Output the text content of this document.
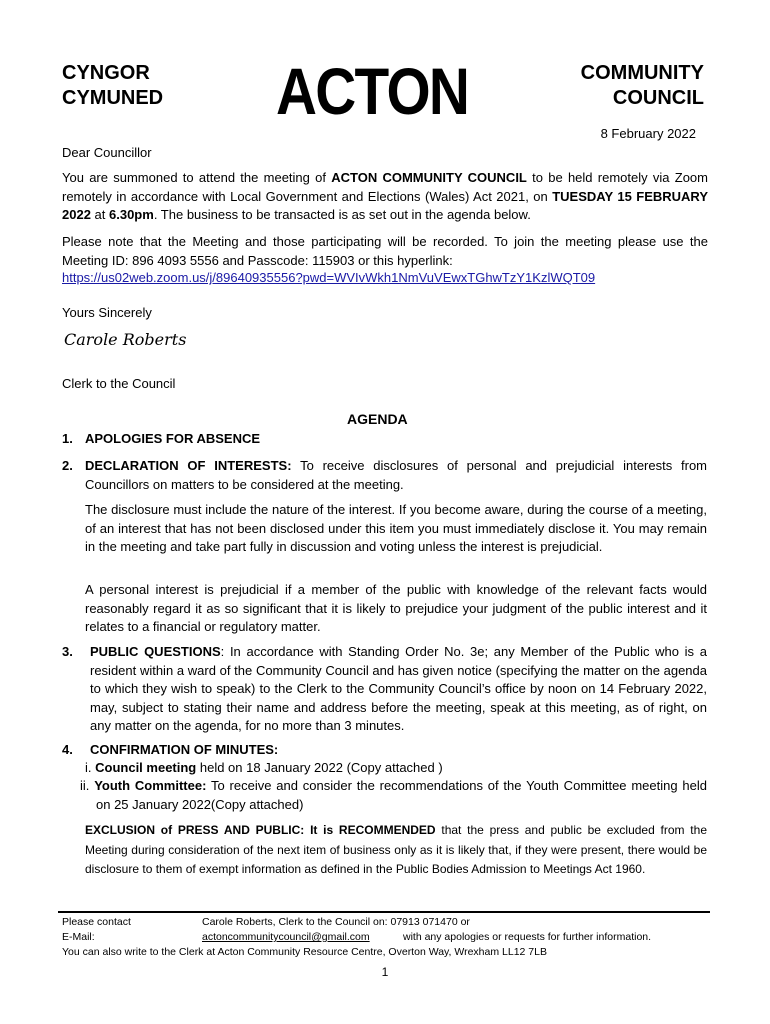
CYNGOR
CYMUNED ACTON	COMMUNITY
COUNCIL
8 February 2022
Dear Councillor
You are summoned to attend the meeting of ACTON COMMUNITY COUNCIL to be held remotely via Zoom remotely in accordance with Local Government and Elections (Wales) Act 2021, on TUESDAY 15 FEBRUARY 2022 at 6.30pm. The business to be transacted is as set out in the agenda below.
Please note that the Meeting and those participating will be recorded. To join the meeting please use the Meeting ID: 896 4093 5556 and Passcode: 115903 or this hyperlink:
https://us02web.zoom.us/j/89640935556?pwd=WVIvWkh1NmVuVEwxTGhwTzY1KzlWQT09
Yours Sincerely
Carole Roberts
Clerk to the Council
AGENDA
1. APOLOGIES FOR ABSENCE
2. DECLARATION OF INTERESTS: To receive disclosures of personal and prejudicial interests from Councillors on matters to be considered at the meeting.
The disclosure must include the nature of the interest. If you become aware, during the course of a meeting, of an interest that has not been disclosed under this item you must immediately disclose it. You may remain in the meeting and take part fully in discussion and voting unless the interest is prejudicial.
A personal interest is prejudicial if a member of the public with knowledge of the relevant facts would reasonably regard it as so significant that it is likely to prejudice your judgment of the public interest and it relates to a financial or regulatory matter.
3. PUBLIC QUESTIONS: In accordance with Standing Order No. 3e; any Member of the Public who is a resident within a ward of the Community Council and has given notice (specifying the matter on the agenda to which they wish to speak) to the Clerk to the Community Council’s office by noon on 14 February 2022, may, subject to stating their name and address before the meeting, speak at this meeting, as of right, on any matter on the agenda, for no more than 3 minutes.
4. CONFIRMATION OF MINUTES:
i. Council meeting held on 18 January 2022 (Copy attached )
ii. Youth Committee: To receive and consider the recommendations of the Youth Committee meeting held on 25 January 2022(Copy attached)
EXCLUSION of PRESS AND PUBLIC: It is RECOMMENDED that the press and public be excluded from the Meeting during consideration of the next item of business only as it is likely that, if they were present, there would be disclosure to them of exempt information as defined in the Public Bodies Admission to Meetings Act 1960.
Please contact	Carole Roberts, Clerk to the Council on: 07913 071470 or
E-Mail:	actoncommunitycouncil@gmail.com	with any apologies or requests for further information.
You can also write to the Clerk at Acton Community Resource Centre, Overton Way, Wrexham LL12 7LB
1
